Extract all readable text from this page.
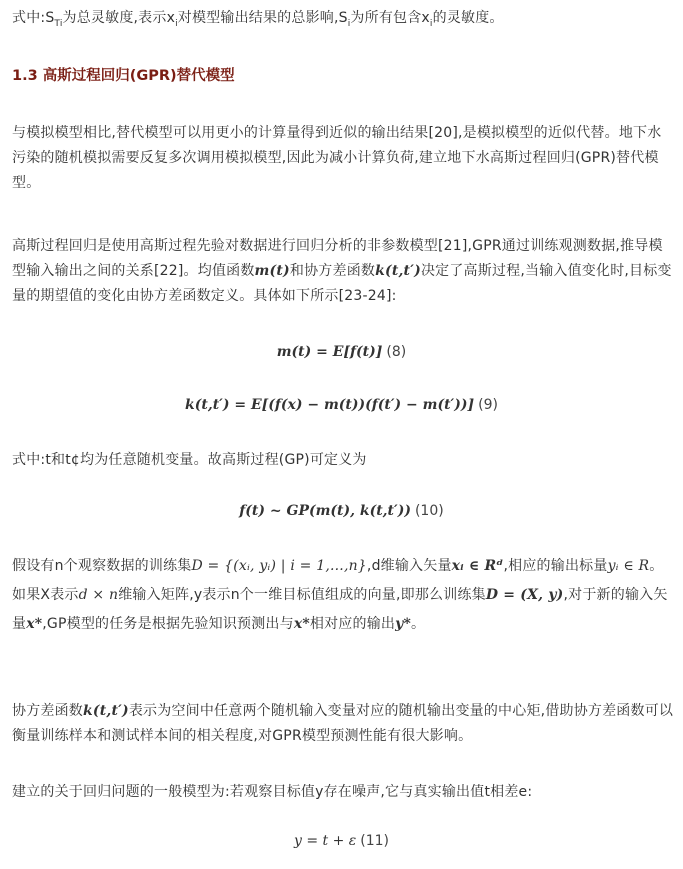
式中$:S_{Ti}$为总灵敏度,表示$x_i$对模型输出结果的总影响$,S_i$为所有包含$x_i$的灵敏度。
1.3 高斯过程回归(GPR)替代模型
与模拟模型相比,替代模型可以用更小的计算量得到近似的输出结果[20],是模拟模型的近似代替。地下水污染的随机模拟需要反复多次调用模拟模型,因此为减小计算负荷,建立地下水高斯过程回归(GPR)替代模型。
高斯过程回归是使用高斯过程先验对数据进行回归分析的非参数模型[21],GPR通过训练观测数据,推导模型输入输出之间的关系[22]。均值函数m(t)和协方差函数k(t,t′)决定了高斯过程,当输入值变化时,目标变量的期望值的变化由协方差函数定义。具体如下所示[23-24]:
m(t) = E[f(t)] (8)
k(t,t′) = E[(f(x) − m(t))(f(t′) − m(t′))] (9)
式中:t和t¢均为任意随机变量。故高斯过程(GP)可定义为
f(t) ~ GP(m(t), k(t,t′)) (10)
假设有n个观察数据的训练集D = {(xᵢ, yᵢ) | i = 1,...,n},d维输入矢量xᵢ ∈ Rᵈ,相应的输出标量yᵢ ∈ R。如果X表示d × n维输入矩阵,y表示n个一维目标值组成的向量,即那么训练集D = (X, y),对于新的输入矢量x*,GP模型的任务是根据先验知识预测出与x*相对应的输出y*。
协方差函数k(t,t′)表示为空间中任意两个随机输入变量对应的随机输出变量的中心矩,借助协方差函数可以衡量训练样本和测试样本间的相关程度,对GPR模型预测性能有很大影响。
建立的关于回归问题的一般模型为:若观察目标值y存在噪声,它与真实输出值t相差e:
y = t + ε (11)
